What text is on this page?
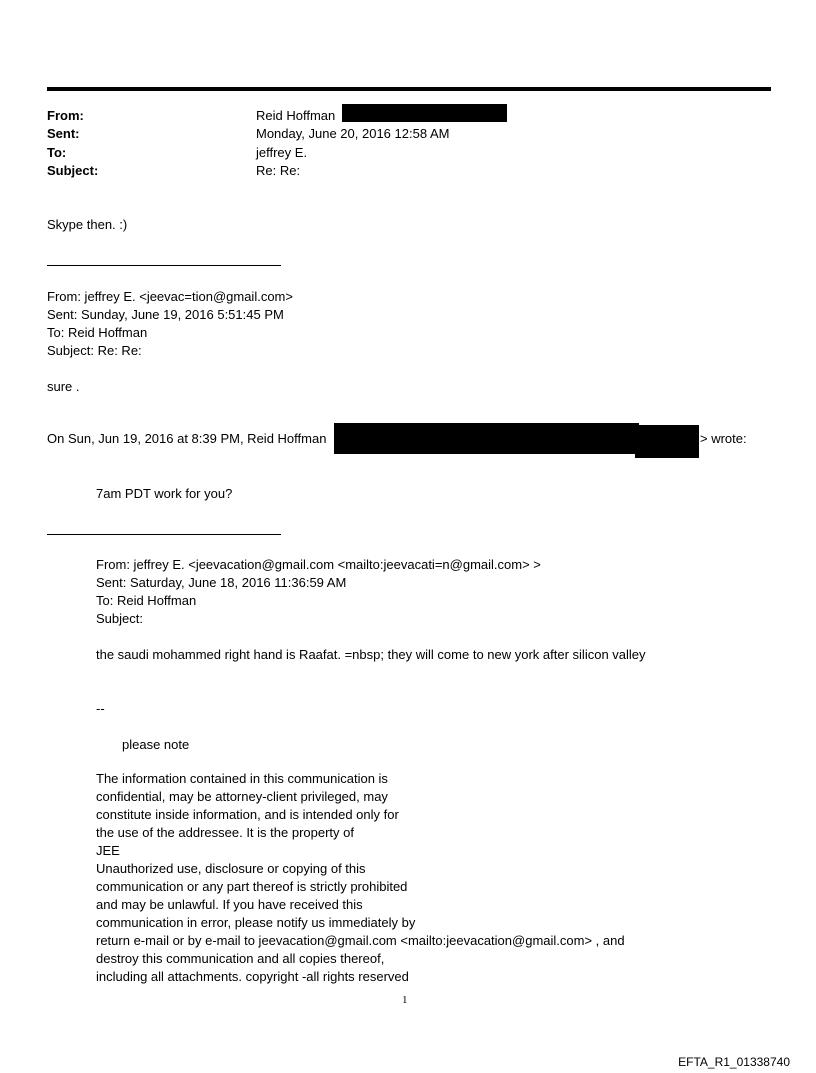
From:	Reid Hoffman
Sent:	Monday, June 20, 2016 12:58 AM
To:	jeffrey E.
Subject:	Re: Re:
Skype then. :)
From: jeffrey E. <jeevac=tion@gmail.com>
Sent: Sunday, June 19, 2016 5:51:45 PM
To: Reid Hoffman
Subject: Re: Re:
sure .
On Sun, Jun 19, 2016 at 8:39 PM, Reid Hoffman	> wrote:
7am PDT work for you?
From: jeffrey E. <jeevacation@gmail.com <mailto:jeevacati=n@gmail.com> >
Sent: Saturday, June 18, 2016 11:36:59 AM
To: Reid Hoffman
Subject:
the saudi mohammed right hand is Raafat. =nbsp; they will come to new york after silicon valley
--
please note
The information contained in this communication is
confidential, may be attorney-client privileged, may
constitute inside information, and is intended only for
the use of the addressee. It is the property of
JEE
Unauthorized use, disclosure or copying of this
communication or any part thereof is strictly prohibited
and may be unlawful. If you have received this
communication in error, please notify us immediately by
return e-mail or by e-mail to jeevacation@gmail.com <mailto:jeevacation@gmail.com> , and
destroy this communication and all copies thereof,
including all attachments. copyright -all rights reserved
1
EFTA_R1_01338740
